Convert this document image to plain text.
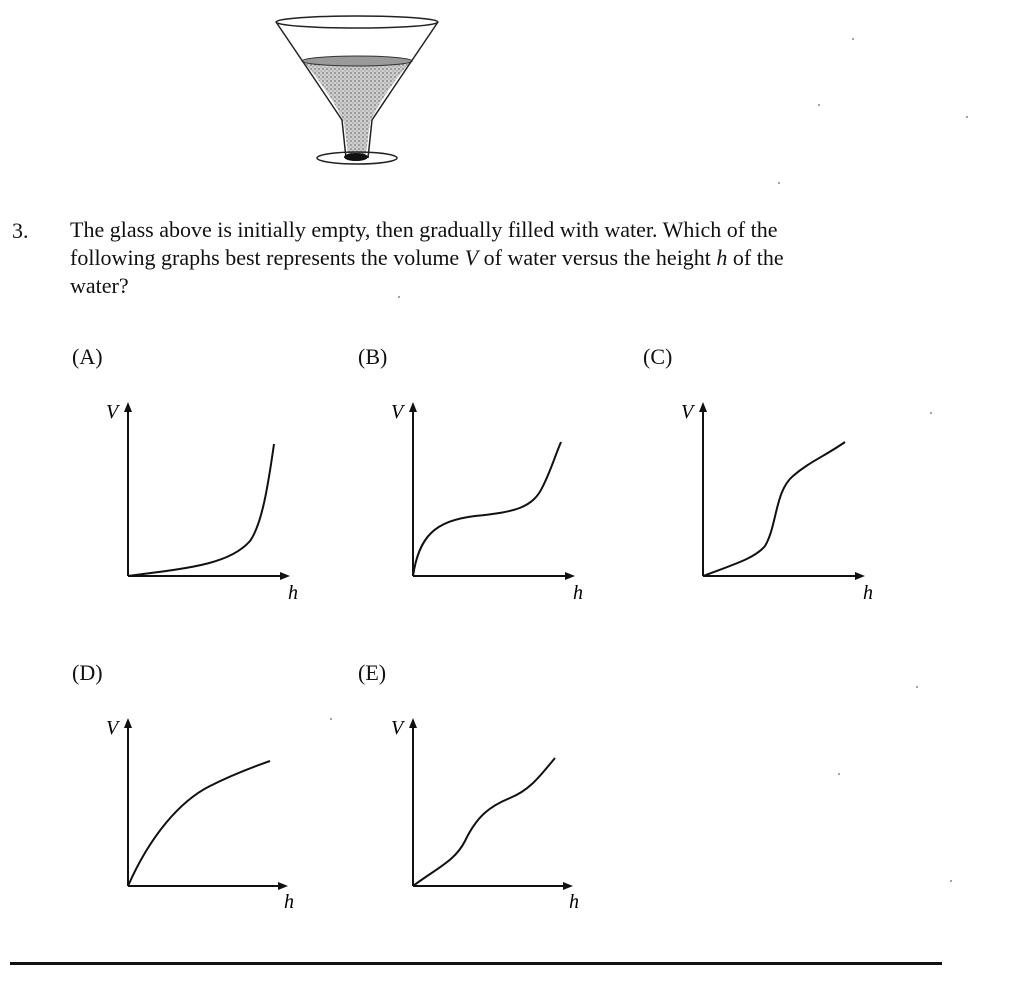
3. The glass above is initially empty, then gradually filled with water. Which of the
following graphs best represents the volume V of water versus the height h of the
water?
(A)	(B)	(C)
(D)	(E)
V
h
V
h
V
h
V
h
V
h
